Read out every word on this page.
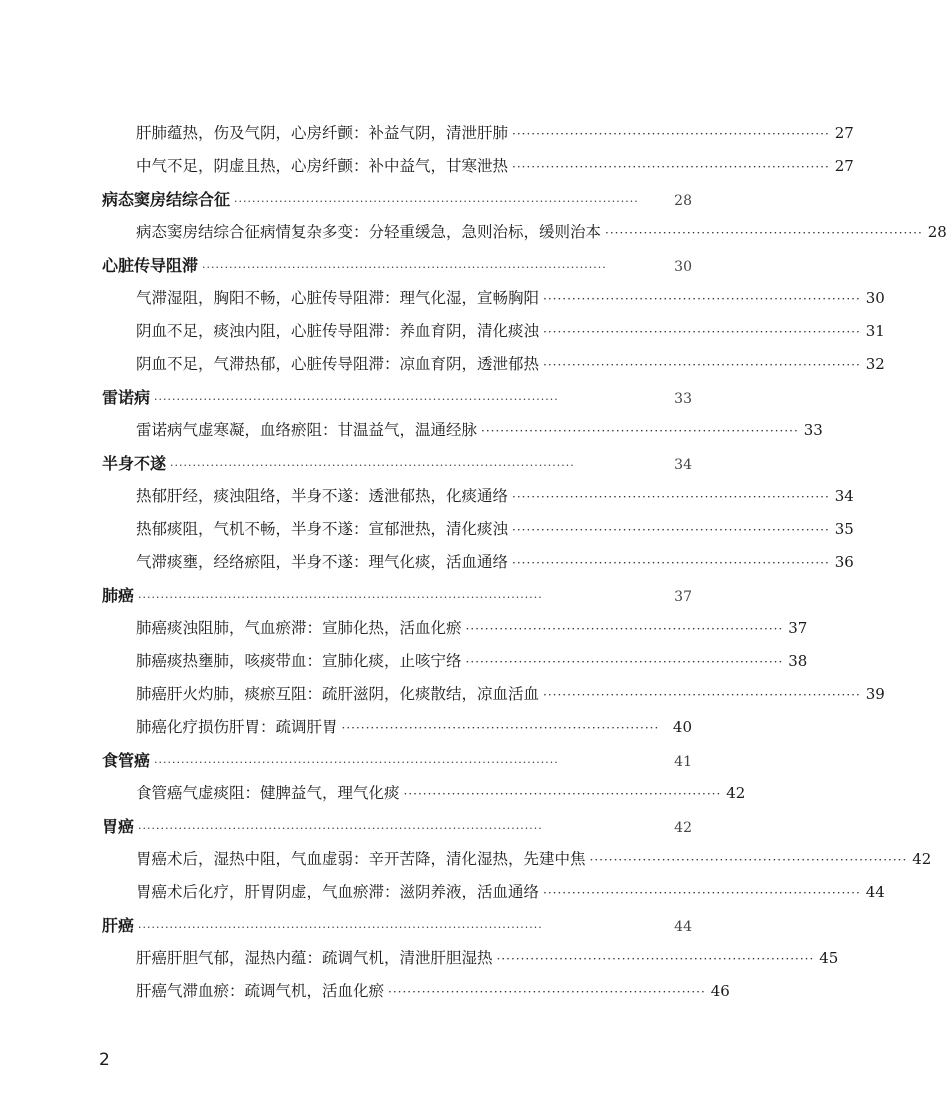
肝肺蕴热，伤及气阴，心房纤颤：补益气阴，清泄肝肺 ·································································· 27
中气不足，阴虚且热，心房纤颤：补中益气，甘寒泄热 ·································································· 27
病态窦房结综合征 ··························································································	28
病态窦房结综合征病情复杂多变：分轻重缓急，急则治标，缓则治本 ·································································· 28
心脏传导阻滞 ··························································································	30
气滞湿阻，胸阳不畅，心脏传导阻滞：理气化湿，宣畅胸阳 ·································································· 30
阴血不足，痰浊内阻，心脏传导阻滞：养血育阴，清化痰浊 ·································································· 31
阴血不足，气滞热郁，心脏传导阻滞：凉血育阴，透泄郁热 ·································································· 32
雷诺病 ··························································································	33
雷诺病气虚寒凝，血络瘀阻：甘温益气，温通经脉 ·································································· 33
半身不遂 ··························································································	34
热郁肝经，痰浊阻络，半身不遂：透泄郁热，化痰通络 ·································································· 34
热郁痰阻，气机不畅，半身不遂：宣郁泄热，清化痰浊 ·································································· 35
气滞痰壅，经络瘀阻，半身不遂：理气化痰，活血通络 ·································································· 36
肺癌 ··························································································	37
肺癌痰浊阻肺，气血瘀滞：宣肺化热，活血化瘀 ·································································· 37
肺癌痰热壅肺，咳痰带血：宣肺化痰，止咳宁络 ·································································· 38
肺癌肝火灼肺，痰瘀互阻：疏肝滋阴，化痰散结，凉血活血 ·································································· 39
肺癌化疗损伤肝胃：疏调肝胃 ·································································· 40
食管癌 ··························································································	41
食管癌气虚痰阻：健脾益气，理气化痰 ·································································· 42
胃癌 ··························································································	42
胃癌术后，湿热中阻，气血虚弱：辛开苦降，清化湿热，先建中焦 ·································································· 42
胃癌术后化疗，肝胃阴虚，气血瘀滞：滋阴养液，活血通络 ·································································· 44
肝癌 ··························································································	44
肝癌肝胆气郁，湿热内蕴：疏调气机，清泄肝胆湿热 ·································································· 45
肝癌气滞血瘀：疏调气机，活血化瘀 ·································································· 46
2
